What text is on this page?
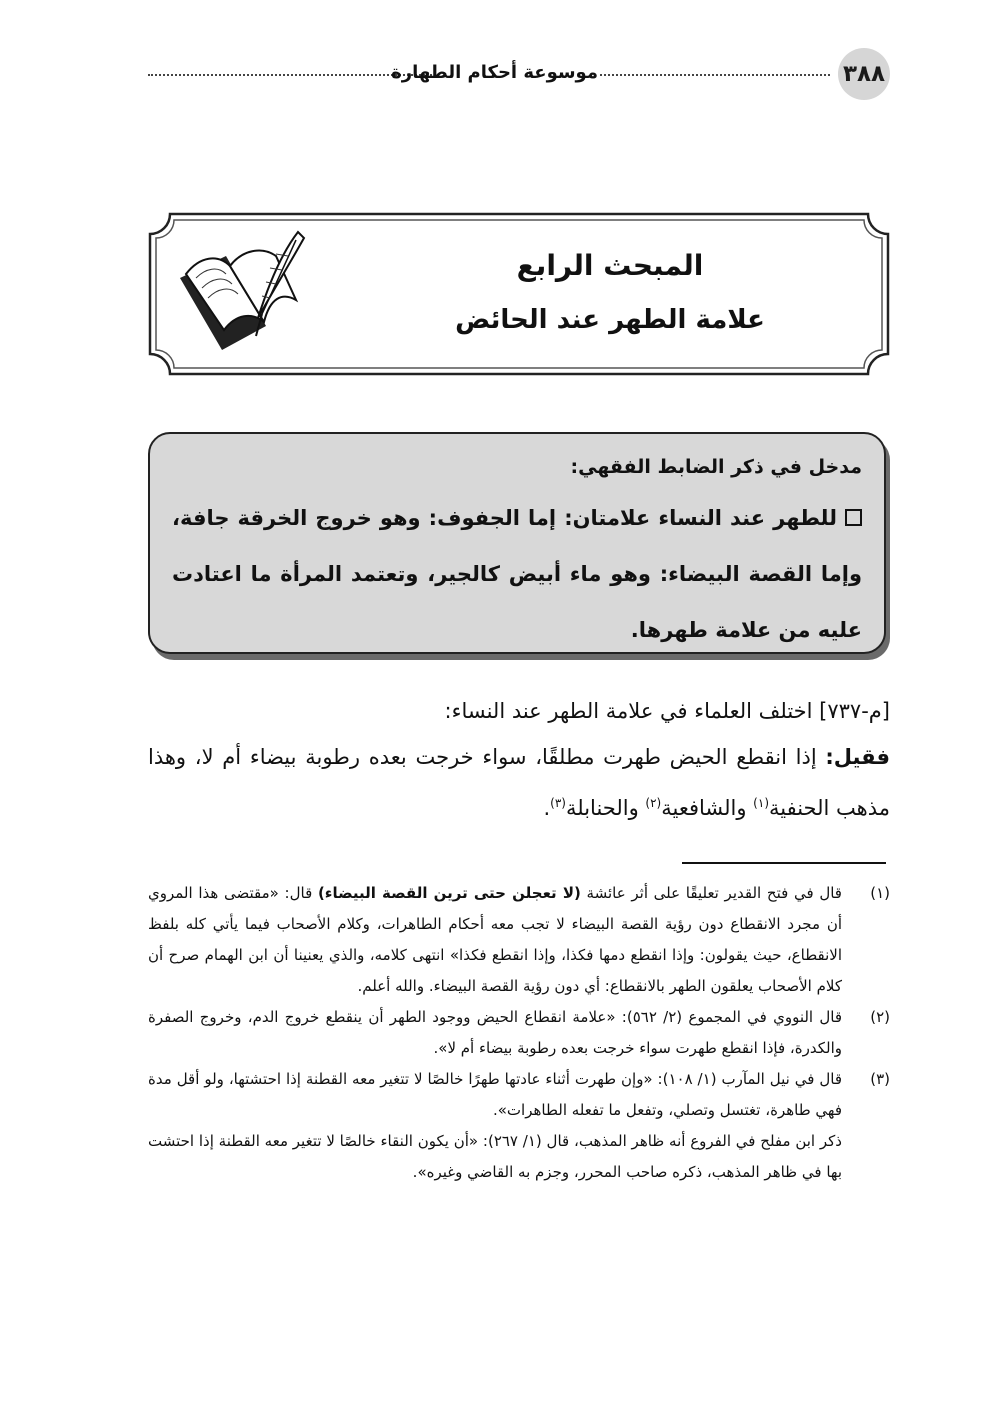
٣٨٨
موسوعة أحكام الطهارة
المبحث الرابع
علامة الطهر عند الحائض
مدخل في ذكر الضابط الفقهي:
للطهر عند النساء علامتان: إما الجفوف: وهو خروج الخرقة جافة، وإما القصة البيضاء: وهو ماء أبيض كالجير، وتعتمد المرأة ما اعتادت عليه من علامة طهرها.

[م-٧٣٧] اختلف العلماء في علامة الطهر عند النساء:

فقيل: إذا انقطع الحيض طهرت مطلقًا، سواء خرجت بعده رطوبة بيضاء أم لا، وهذا مذهب الحنفية$^{(١)}$ والشافعية$^{(٢)}$ والحنابلة$^{(٣)}$.

(١)
قال في فتح القدير تعليقًا على أثر عائشة (لا تعجلن حتى ترين القصة البيضاء) قال: «مقتضى هذا المروي أن مجرد الانقطاع دون رؤية القصة البيضاء لا تجب معه أحكام الطاهرات، وكلام الأصحاب فيما يأتي كله بلفظ الانقطاع، حيث يقولون: وإذا انقطع دمها فكذا، وإذا انقطع فكذا» انتهى كلامه، والذي يعنينا أن ابن الهمام صرح أن كلام الأصحاب يعلقون الطهر بالانقطاع: أي دون رؤية القصة البيضاء. والله أعلم.
(٢)
قال النووي في المجموع (٢/ ٥٦٢): «علامة انقطاع الحيض ووجود الطهر أن ينقطع خروج الدم، وخروج الصفرة والكدرة، فإذا انقطع طهرت سواء خرجت بعده رطوبة بيضاء أم لا».
(٣)
قال في نيل المآرب (١/ ١٠٨): «وإن طهرت أثناء عادتها طهرًا خالصًا لا تتغير معه القطنة إذا احتشتها، ولو أقل مدة فهي طاهرة، تغتسل وتصلي، وتفعل ما تفعله الطاهرات».
ذكر ابن مفلح في الفروع أنه ظاهر المذهب، قال (١/ ٢٦٧): «أن يكون النقاء خالصًا لا تتغير معه القطنة إذا احتشت بها في ظاهر المذهب، ذكره صاحب المحرر، وجزم به القاضي وغيره».
